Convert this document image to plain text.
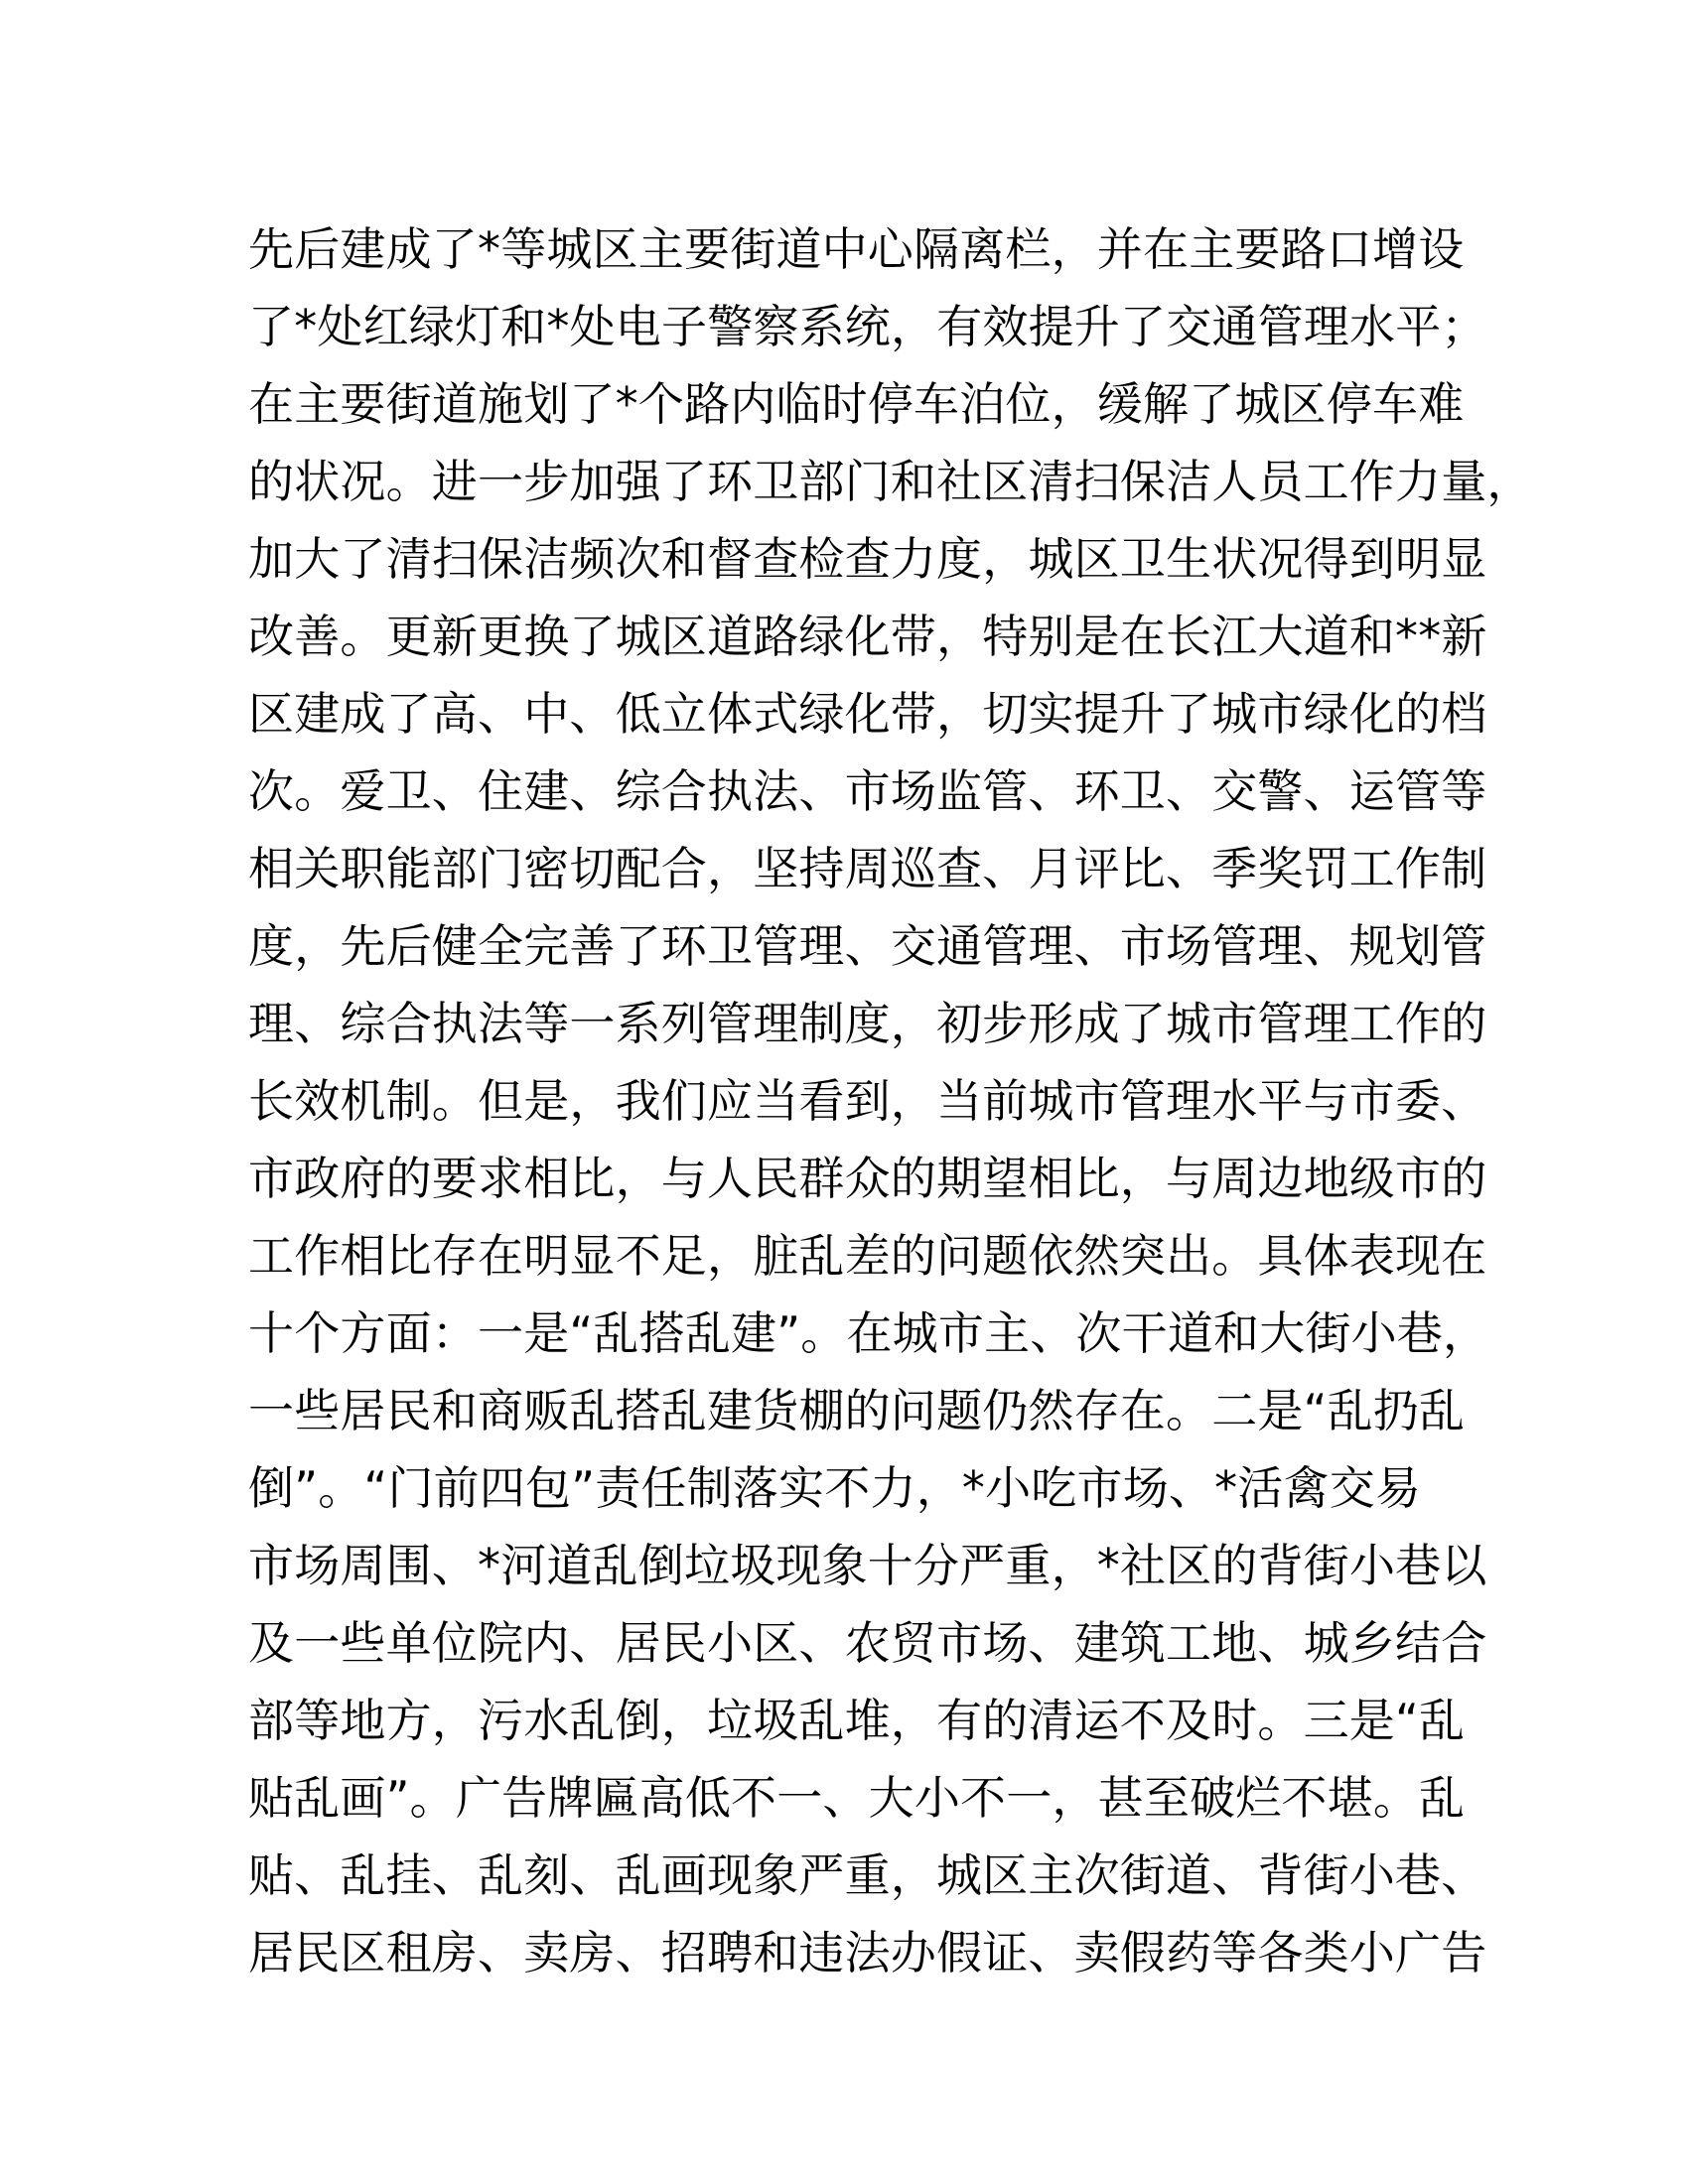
先后建成了*等城区主要街道中心隔离栏，并在主要路口增设
了*处红绿灯和*处电子警察系统，有效提升了交通管理水平；
在主要街道施划了*个路内临时停车泊位，缓解了城区停车难
的状况。进一步加强了环卫部门和社区清扫保洁人员工作力量，
加大了清扫保洁频次和督查检查力度，城区卫生状况得到明显
改善。更新更换了城区道路绿化带，特别是在长江大道和**新
区建成了高、中、低立体式绿化带，切实提升了城市绿化的档
次。爱卫、住建、综合执法、市场监管、环卫、交警、运管等
相关职能部门密切配合，坚持周巡查、月评比、季奖罚工作制
度，先后健全完善了环卫管理、交通管理、市场管理、规划管
理、综合执法等一系列管理制度，初步形成了城市管理工作的
长效机制。但是，我们应当看到，当前城市管理水平与市委、
市政府的要求相比，与人民群众的期望相比，与周边地级市的
工作相比存在明显不足，脏乱差的问题依然突出。具体表现在
十个方面：一是“乱搭乱建”。在城市主、次干道和大街小巷，
一些居民和商贩乱搭乱建货棚的问题仍然存在。二是“乱扔乱
倒”。“门前四包”责任制落实不力，*小吃市场、*活禽交易
市场周围、*河道乱倒垃圾现象十分严重，*社区的背街小巷以
及一些单位院内、居民小区、农贸市场、建筑工地、城乡结合
部等地方，污水乱倒，垃圾乱堆，有的清运不及时。三是“乱
贴乱画”。广告牌匾高低不一、大小不一，甚至破烂不堪。乱
贴、乱挂、乱刻、乱画现象严重，城区主次街道、背街小巷、
居民区租房、卖房、招聘和违法办假证、卖假药等各类小广告
